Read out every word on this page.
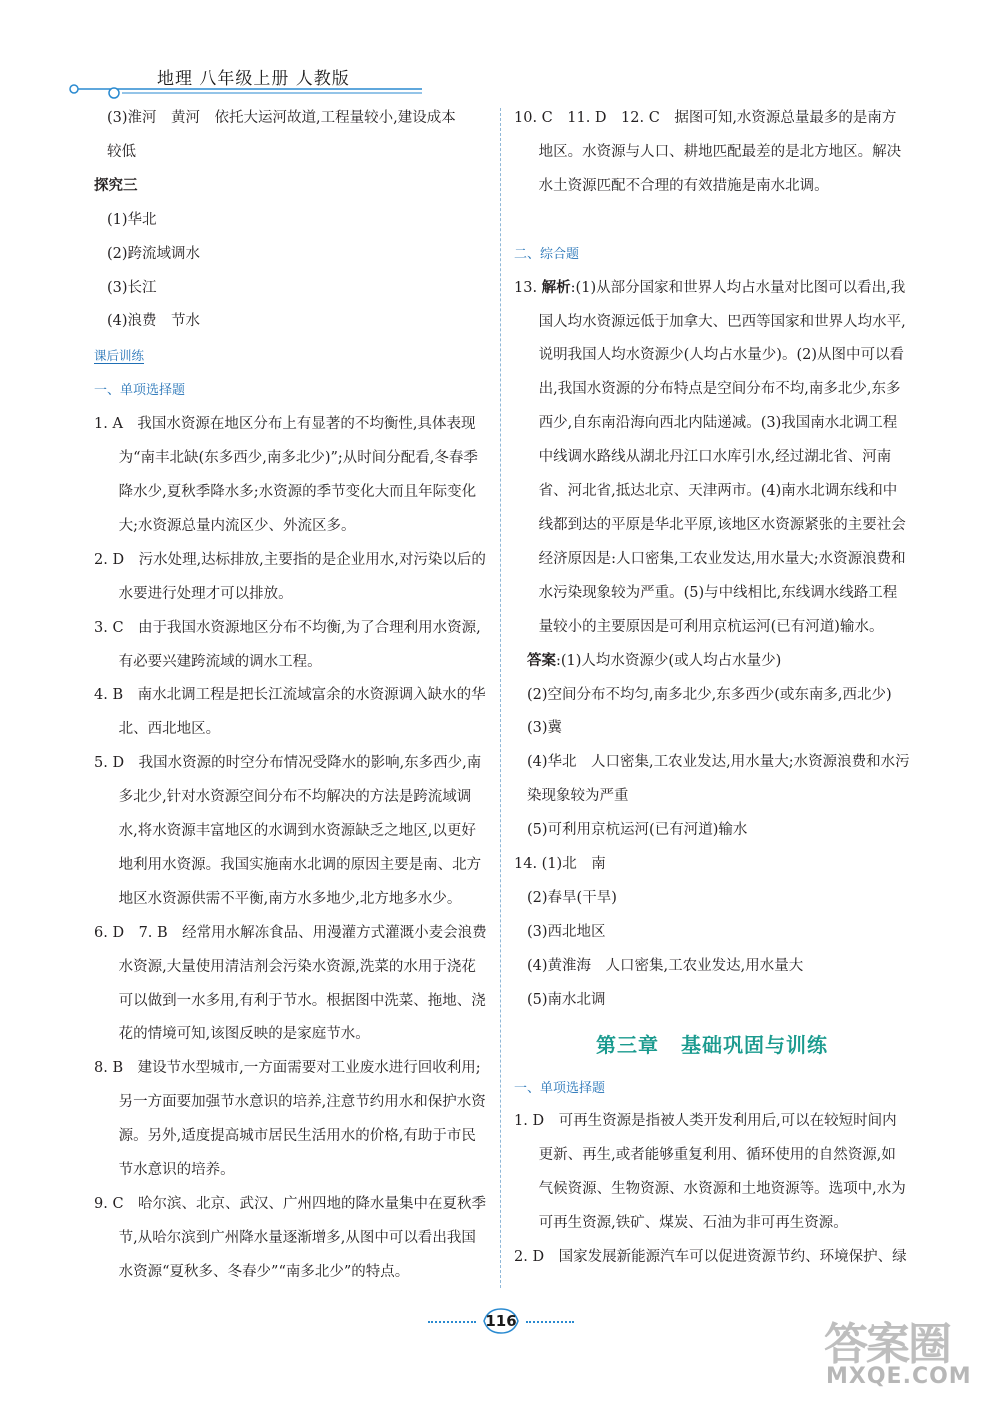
地理 八年级上册 人教版

(3)淮河　黄河　依托大运河故道,工程量较小,建设成本

较低

探究三

(1)华北

(2)跨流域调水

(3)长江

(4)浪费　节水

课后训练

一、单项选择题

1. A　我国水资源在地区分布上有显著的不均衡性,具体表现为“南丰北缺(东多西少,南多北少)”;从时间分配看,冬春季降水少,夏秋季降水多;水资源的季节变化大而且年际变化大;水资源总量内流区少、外流区多。

2. D　污水处理,达标排放,主要指的是企业用水,对污染以后的水要进行处理才可以排放。

3. C　由于我国水资源地区分布不均衡,为了合理利用水资源,有必要兴建跨流域的调水工程。

4. B　南水北调工程是把长江流域富余的水资源调入缺水的华北、西北地区。

5. D　我国水资源的时空分布情况受降水的影响,东多西少,南多北少,针对水资源空间分布不均解决的方法是跨流域调水,将水资源丰富地区的水调到水资源缺乏之地区,以更好地利用水资源。我国实施南水北调的原因主要是南、北方地区水资源供需不平衡,南方水多地少,北方地多水少。

6. D　7. B　经常用水解冻食品、用漫灌方式灌溉小麦会浪费水资源,大量使用清洁剂会污染水资源,洗菜的水用于浇花可以做到一水多用,有利于节水。根据图中洗菜、拖地、浇花的情境可知,该图反映的是家庭节水。

8. B　建设节水型城市,一方面需要对工业废水进行回收利用;另一方面要加强节水意识的培养,注意节约用水和保护水资源。另外,适度提高城市居民生活用水的价格,有助于市民节水意识的培养。

9. C　哈尔滨、北京、武汉、广州四地的降水量集中在夏秋季节,从哈尔滨到广州降水量逐渐增多,从图中可以看出我国水资源“夏秋多、冬春少”“南多北少”的特点。

10. C　11. D　12. C　据图可知,水资源总量最多的是南方地区。水资源与人口、耕地匹配最差的是北方地区。解决水土资源匹配不合理的有效措施是南水北调。

二、综合题

13. 解析:(1)从部分国家和世界人均占水量对比图可以看出,我国人均水资源远低于加拿大、巴西等国家和世界人均水平,说明我国人均水资源少(人均占水量少)。(2)从图中可以看出,我国水资源的分布特点是空间分布不均,南多北少,东多西少,自东南沿海向西北内陆递减。(3)我国南水北调工程中线调水路线从湖北丹江口水库引水,经过湖北省、河南省、河北省,抵达北京、天津两市。(4)南水北调东线和中线都到达的平原是华北平原,该地区水资源紧张的主要社会经济原因是:人口密集,工农业发达,用水量大;水资源浪费和水污染现象较为严重。(5)与中线相比,东线调水线路工程量较小的主要原因是可利用京杭运河(已有河道)输水。

答案:(1)人均水资源少(或人均占水量少)

(2)空间分布不均匀,南多北少,东多西少(或东南多,西北少)

(3)冀

(4)华北　人口密集,工农业发达,用水量大;水资源浪费和水污染现象较为严重

(5)可利用京杭运河(已有河道)输水

14. (1)北　南

(2)春旱(干旱)

(3)西北地区

(4)黄淮海　人口密集,工农业发达,用水量大

(5)南水北调

第三章 基础巩固与训练

一、单项选择题

1. D　可再生资源是指被人类开发利用后,可以在较短时间内更新、再生,或者能够重复利用、循环使用的自然资源,如气候资源、生物资源、水资源和土地资源等。选项中,水为可再生资源,铁矿、煤炭、石油为非可再生资源。

2. D　国家发展新能源汽车可以促进资源节约、环境保护、绿

116	答案圈
MXQE.COM
